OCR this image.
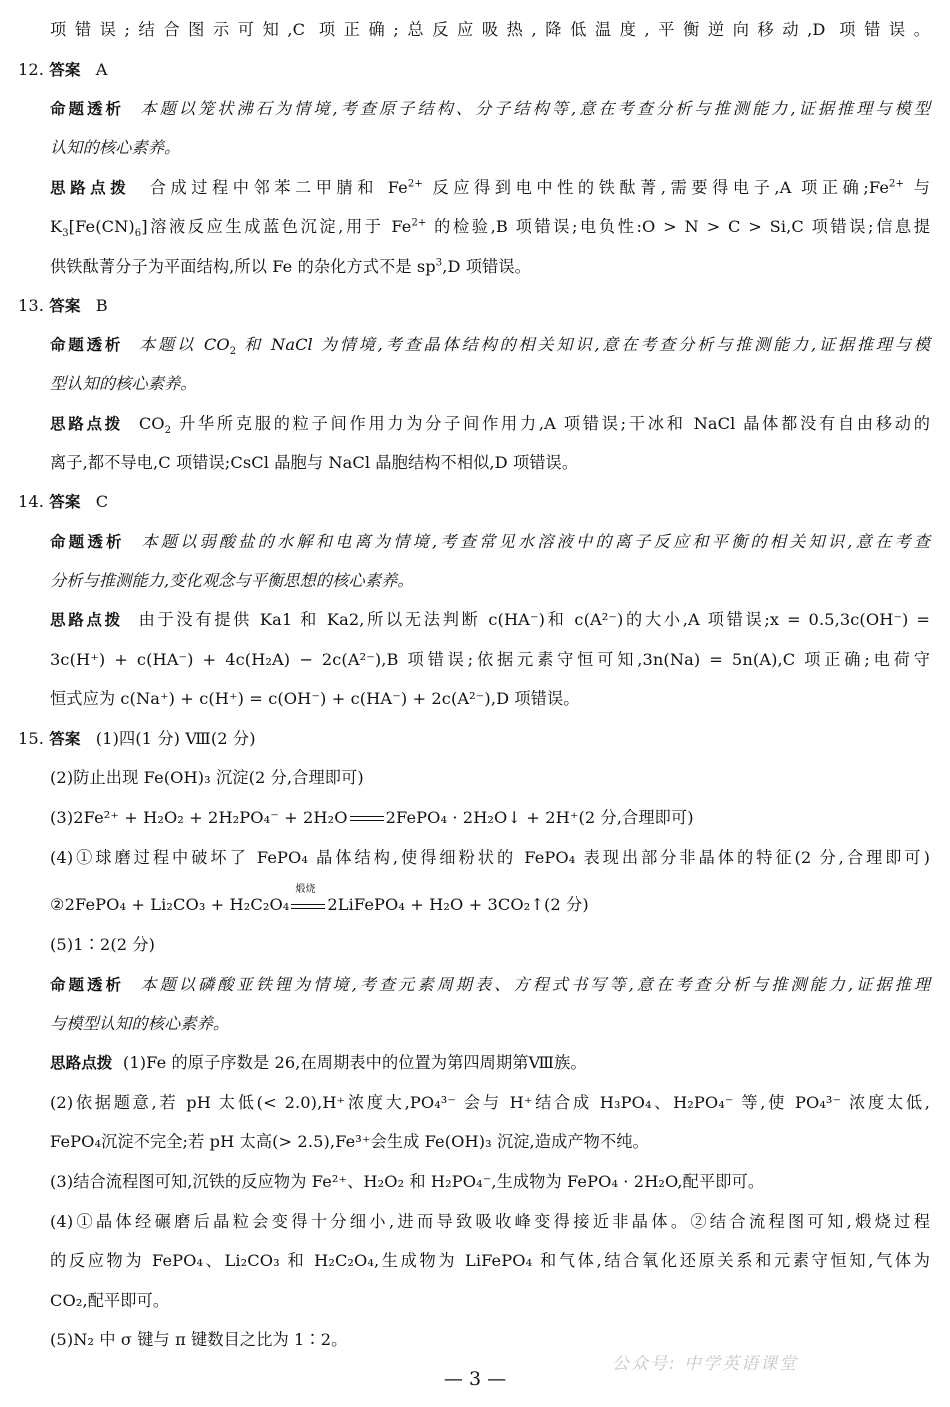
项错误;结合图示可知,C 项正确;总反应吸热,降低温度,平衡逆向移动,D 项错误。
12. 答案 A
命题透析 本题以笼状沸石为情境,考查原子结构、分子结构等,意在考查分析与推测能力,证据推理与模型
认知的核心素养。
思路点拨 合成过程中邻苯二甲腈和 $Fe^{2+}$ 反应得到电中性的铁酞菁,需要得电子,A 项正确$;Fe^{2+}$ 与
$K_3[Fe(CN)_6]$溶液反应生成蓝色沉淀,用于 $Fe^{2+}$ 的检验,B 项错误;电负性:O > N > C > Si,C 项错误;信息提
供铁酞菁分子为平面结构,所以 Fe 的杂化方式不是 $sp^3,D$ 项错误。
13. 答案 B
命题透析 本题以 $CO_2$ 和 NaCl 为情境,考查晶体结构的相关知识,意在考查分析与推测能力,证据推理与模
型认知的核心素养。
思路点拨 $CO_2$ 升华所克服的粒子间作用力为分子间作用力,A 项错误;干冰和 NaCl 晶体都没有自由移动的
离子,都不导电,C 项错误;CsCl 晶胞与 NaCl 晶胞结构不相似,D 项错误。
14. 答案 C
命题透析 本题以弱酸盐的水解和电离为情境,考查常见水溶液中的离子反应和平衡的相关知识,意在考查
分析与推测能力,变化观念与平衡思想的核心素养。
思路点拨 由于没有提供 Ka1 和 Ka2,所以无法判断 c(HA⁻)和 c(A²⁻)的大小,A 项错误;x = 0.5,3c(OH⁻) =
3c(H⁺) + c(HA⁻) + 4c(H₂A) − 2c(A²⁻),B 项错误;依据元素守恒可知,3n(Na) = 5n(A),C 项正确;电荷守
恒式应为 c(Na⁺) + c(H⁺) = c(OH⁻) + c(HA⁻) + 2c(A²⁻),D 项错误。
15. 答案 (1)四(1 分) Ⅷ(2 分)
(2)防止出现 Fe(OH)₃ 沉淀(2 分,合理即可)
(3)2Fe²⁺ + H₂O₂ + 2H₂PO₄⁻ + 2H₂O 2FePO₄ · 2H₂O↓ + 2H⁺(2 分,合理即可)
(4)①球磨过程中破坏了 FePO₄ 晶体结构,使得细粉状的 FePO₄ 表现出部分非晶体的特征(2 分,合理即可)
②2FePO₄ + Li₂CO₃ + H₂C₂O₄
煅烧
2LiFePO₄ + H₂O + 3CO₂↑(2 分)
(5)1∶2(2 分)
命题透析 本题以磷酸亚铁锂为情境,考查元素周期表、方程式书写等,意在考查分析与推测能力,证据推理
与模型认知的核心素养。
思路点拨 (1)Fe 的原子序数是 26,在周期表中的位置为第四周期第Ⅷ族。
(2)依据题意,若 pH 太低(< 2.0),H⁺浓度大,PO₄³⁻ 会与 H⁺结合成 H₃PO₄、H₂PO₄⁻ 等,使 PO₄³⁻ 浓度太低,
FePO₄沉淀不完全;若 pH 太高(> 2.5),Fe³⁺会生成 Fe(OH)₃ 沉淀,造成产物不纯。
(3)结合流程图可知,沉铁的反应物为 Fe²⁺、H₂O₂ 和 H₂PO₄⁻,生成物为 FePO₄ · 2H₂O,配平即可。
(4)①晶体经碾磨后晶粒会变得十分细小,进而导致吸收峰变得接近非晶体。②结合流程图可知,煅烧过程
的反应物为 FePO₄、Li₂CO₃ 和 H₂C₂O₄,生成物为 LiFePO₄ 和气体,结合氧化还原关系和元素守恒知,气体为
CO₂,配平即可。
(5)N₂ 中 σ 键与 π 键数目之比为 1∶2。
公众号: 中学英语课堂
— 3 —
